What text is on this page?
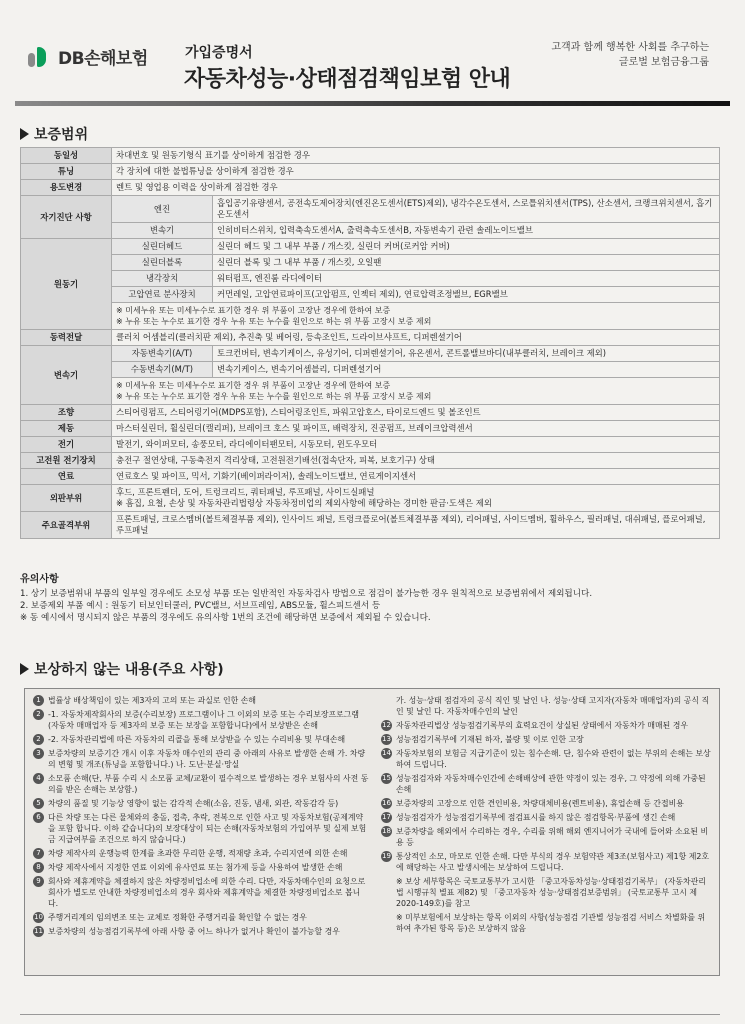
DB손해보험	가입증명서
자동차성능·상태점검책임보험 안내
고객과 함께 행복한 사회를 추구하는
글로벌 보험금융그룹
보증범위
동일성	차대번호 및 원동기형식 표기를 상이하게 점검한 경우	
튜닝	각 장치에 대한 불법튜닝을 상이하게 점검한 경우	
용도변경	렌트 및 영업용 이력을 상이하게 점검한 경우	
자기진단 사항	엔진	흡입공기유량센서, 공전속도제어장치(엔진온도센서(ETS)제외), 냉각수온도센서, 스로틀위치센서(TPS), 산소센서, 크랭크위치센서, 흡기온도센서
	변속기	인히비터스위치, 입력축속도센서A, 출력축속도센서B, 자동변속기 관련 솔레노이드밸브
원동기	실린더헤드	실린더 헤드 및 그 내부 부품 / 개스킷, 실린더 커버(로커암 커버)
	실린더블록	실린더 블록 및 그 내부 부품 / 개스킷, 오일팬
	냉각장치	워터펌프, 엔진룸 라디에이터
	고압연료 분사장치	커먼레일, 고압연료파이프(고압펌프, 인젝터 제외), 연료압력조정밸브, EGR밸브
	※ 미세누유 또는 미세누수로 표기한 경우 위 부품이 고장난 경우에 한하여 보증
※ 누유 또는 누수로 표기한 경우 누유 또는 누수를 원인으로 하는 위 부품 고장시 보증 제외	
동력전달	클러치 어셈블리(클러치판 제외), 추진축 및 베어링, 등속조인트, 드라이브샤프트, 디퍼렌셜기어	
변속기	자동변속기(A/T)	토크컨버터, 변속기케이스, 유성기어, 디퍼렌셜기어, 유온센서, 콘트롤밸브바디(내부클러치, 브레이크 제외)
	수동변속기(M/T)	변속기케이스, 변속기어셈블리, 디퍼렌셜기어
	※ 미세누유 또는 미세누수로 표기한 경우 위 부품이 고장난 경우에 한하여 보증
※ 누유 또는 누수로 표기한 경우 누유 또는 누수를 원인으로 하는 위 부품 고장시 보증 제외	
조향	스티어링펌프, 스티어링기어(MDPS포함), 스티어링조인트, 파워고압호스, 타이로드엔드 및 볼조인트	
제동	마스터실린더, 휠실린더(캘리퍼), 브레이크 호스 및 파이프, 배력장치, 진공펌프, 브레이크압력센서	
전기	발전기, 와이퍼모터, 송풍모터, 라디에이터팬모터, 시동모터, 윈도우모터	
고전원 전기장치	충전구 절연상태, 구동축전지 격리상태, 고전원전기배선(접속단자, 피복, 보호기구) 상태	
연료	연료호스 및 파이프, 믹서, 기화기(베이퍼라이저), 솔레노이드밸브, 연료게이지센서	
외판부위	후드, 프론트펜더, 도어, 트렁크리드, 쿼터패널, 루프패널, 사이드실패널
※ 흠집, 요철, 손상 및 자동차관리법령상 자동차정비업의 제외사항에 해당하는 경미한 판금·도색은 제외	
주요골격부위	프론트패널, 크로스멤버(볼트체결부품 제외), 인사이드 패널, 트렁크플로어(볼트체결부품 제외), 리어패널, 사이드멤버, 휠하우스, 필러패널, 대쉬패널, 플로어패널, 루프패널	
유의사항
1. 상기 보증범위내 부품의 일부일 경우에도 소모성 부품 또는 일반적인 자동차검사 방법으로 점검이 불가능한 경우 원칙적으로 보증범위에서 제외됩니다.
2. 보증제외 부품 예시 : 원동기 터보인터쿨러, PVC밸브, 서브프레임, ABS모듈, 휠스피드센서 등
※ 동 예시에서 명시되지 않은 부품의 경우에도 유의사항 1번의 조건에 해당하면 보증에서 제외될 수 있습니다.
보상하지 않는 내용(주요 사항)
1 법률상 배상책임이 있는 제3자의 고의 또는 과실로 인한 손해
2 -1. 자동차제작회사의 보증(수리보장) 프로그램이나 그 이외의 보증 또는 수리보장프로그램 (자동차 매매업자 등 제3자의 보증 또는 보장을 포함합니다)에서 보상받은 손해
2 -2. 자동차관리법에 따른 자동차의 리콜을 통해 보상받을 수 있는 수리비용 및 부대손해
3 보증차량의 보증기간 개시 이후 자동차 매수인의 관리 중 아래의 사유로 발생한 손해 가. 차량의 변형 및 개조(튜닝을 포함합니다.) 나. 도난·분실·망실
4 소모품 손해(단, 부품 수리 시 소모품 교체/교환이 필수적으로 발생하는 경우 보험사의 사전 동의를 받은 손해는 보상함.)
5 차량의 품질 및 기능상 영향이 없는 감각적 손해(소음, 진동, 냄새, 외관, 작동감각 등)
6 다른 차량 또는 다른 물체와의 충돌, 접촉, 추락, 전복으로 인한 사고 및 자동차보험(공제계약을 포함 합니다. 이하 같습니다)의 보장대상이 되는 손해(자동차보험의 가입여부 및 실제 보험금 지급여부를 조건으로 하지 않습니다.)
7 차량 제작사의 운행능력 한계를 초과한 무리한 운행, 적재량 초과, 수리지연에 의한 손해
8 차량 제작사에서 지정한 연료 이외에 유사연료 또는 첨가제 등을 사용하여 발생한 손해
9 회사와 제휴계약을 체결하지 않은 차량정비업소에 의한 수리. 다만, 자동차매수인의 요청으로 회사가 별도로 안내한 차량정비업소의 경우 회사와 제휴계약을 체결한 차량정비업소로 봅니다.
10 주행거리계의 임의변조 또는 교체로 정확한 주행거리를 확인할 수 없는 경우
11 보증차량의 성능점검기록부에 아래 사항 중 어느 하나가 없거나 확인이 불가능할 경우
가. 성능·상태 점검자의 공식 직인 및 날인 나. 성능·상태 고지자(자동차 매매업자)의 공식 직인 및 날인 다. 자동차매수인의 날인
12 자동차관리법상 성능점검기록부의 효력요건이 상실된 상태에서 자동차가 매매된 경우
13 성능점검기록부에 기재된 하자, 불량 및 이로 인한 고장
14 자동차보험의 보험금 지급기준이 있는 침수손해. 단, 침수와 관련이 없는 부위의 손해는 보상하여 드립니다.
15 성능점검자와 자동차매수인간에 손해배상에 관한 약정이 있는 경우, 그 약정에 의해 가중된 손해
16 보증차량의 고장으로 인한 견인비용, 차량대체비용(렌트비용), 휴업손해 등 간접비용
17 성능점검자가 성능점검기록부에 점검표시를 하지 않은 점검항목·부품에 생긴 손해
18 보증차량을 해외에서 수리하는 경우, 수리를 위해 해외 엔지니어가 국내에 들어와 소요된 비용 등
19 통상적인 소모, 마모로 인한 손해. 다만 부식의 경우 보험약관 제3조(보험사고) 제1항 제2호에 해당하는 사고 발생시에는 보상하여 드립니다.
※ 보상 세부항목은 국토교통부가 고시한 「중고자동차성능·상태점검기록부」 (자동차관리법 시행규칙 별표 제82) 및 「중고자동차 성능·상태점검보증범위」 (국토교통부 고시 제2020-149호)를 참고
※ 미부보험에서 보상하는 항목 이외의 사항(성능점검 기관별 성능점검 서비스 차별화를 위하여 추가된 항목 등)은 보상하지 않음
